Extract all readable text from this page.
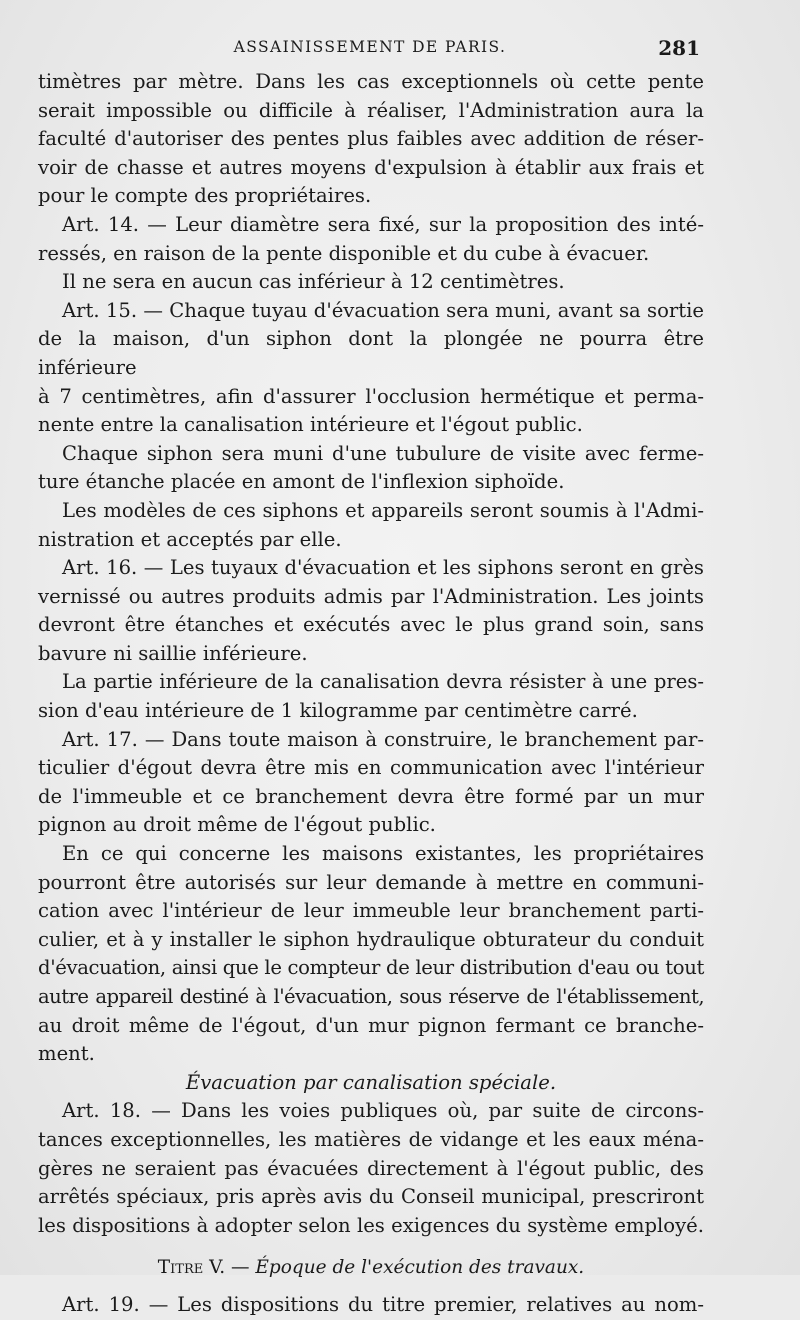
ASSAINISSEMENT DE PARIS.	281
timètres par mètre. Dans les cas exceptionnels où cette pente
serait impossible ou difficile à réaliser, l'Administration aura la
faculté d'autoriser des pentes plus faibles avec addition de réser-
voir de chasse et autres moyens d'expulsion à établir aux frais et
pour le compte des propriétaires.
Art. 14. — Leur diamètre sera fixé, sur la proposition des inté-
ressés, en raison de la pente disponible et du cube à évacuer.
Il ne sera en aucun cas inférieur à 12 centimètres.
Art. 15. — Chaque tuyau d'évacuation sera muni, avant sa sortie
de la maison, d'un siphon dont la plongée ne pourra être inférieure
à 7 centimètres, afin d'assurer l'occlusion hermétique et perma-
nente entre la canalisation intérieure et l'égout public.
Chaque siphon sera muni d'une tubulure de visite avec ferme-
ture étanche placée en amont de l'inflexion siphoïde.
Les modèles de ces siphons et appareils seront soumis à l'Admi-
nistration et acceptés par elle.
Art. 16. — Les tuyaux d'évacuation et les siphons seront en grès
vernissé ou autres produits admis par l'Administration. Les joints
devront être étanches et exécutés avec le plus grand soin, sans
bavure ni saillie inférieure.
La partie inférieure de la canalisation devra résister à une pres-
sion d'eau intérieure de 1 kilogramme par centimètre carré.
Art. 17. — Dans toute maison à construire, le branchement par-
ticulier d'égout devra être mis en communication avec l'intérieur
de l'immeuble et ce branchement devra être formé par un mur
pignon au droit même de l'égout public.
En ce qui concerne les maisons existantes, les propriétaires
pourront être autorisés sur leur demande à mettre en communi-
cation avec l'intérieur de leur immeuble leur branchement parti-
culier, et à y installer le siphon hydraulique obturateur du conduit
d'évacuation, ainsi que le compteur de leur distribution d'eau ou tout
autre appareil destiné à l'évacuation, sous réserve de l'établissement,
au droit même de l'égout, d'un mur pignon fermant ce branche-
ment.
Évacuation par canalisation spéciale.
Art. 18. — Dans les voies publiques où, par suite de circons-
tances exceptionnelles, les matières de vidange et les eaux ména-
gères ne seraient pas évacuées directement à l'égout public, des
arrêtés spéciaux, pris après avis du Conseil municipal, prescriront
les dispositions à adopter selon les exigences du système employé.
Titre V. — Époque de l'exécution des travaux.
Art. 19. — Les dispositions du titre premier, relatives au nom-
